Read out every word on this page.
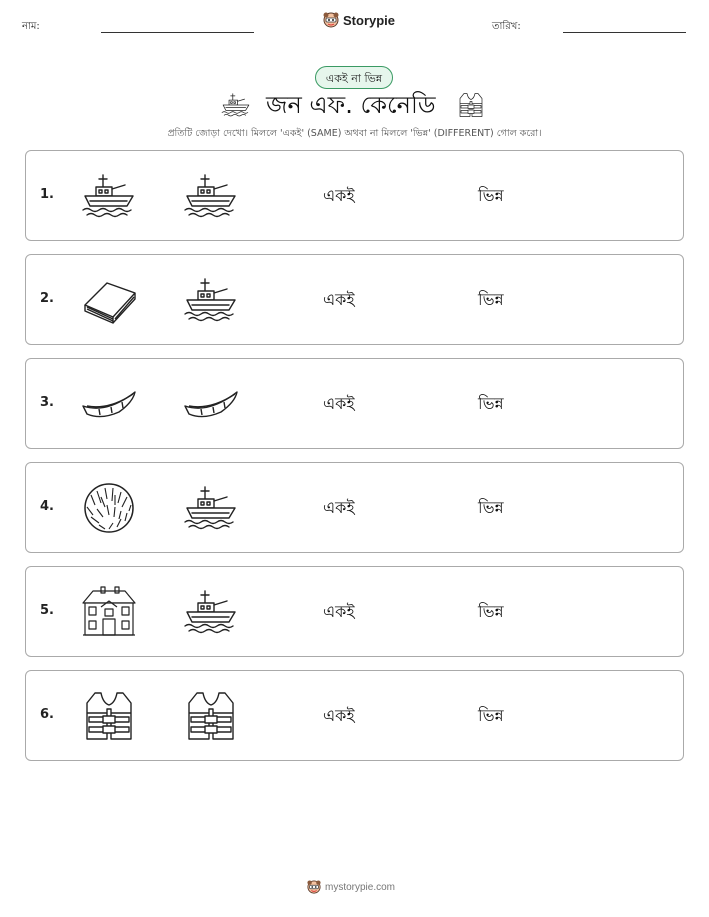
নাম:	Storypie	তারিখ:
একই না ভিন্ন
জন এফ. কেনেডি
প্রতিটি জোড়া দেখো। মিললে 'একই' (SAME) অথবা না মিললে 'ভিন্ন' (DIFFERENT) গোল করো।
1.	একই	ভিন্ন
2.	একই	ভিন্ন
3.	একই	ভিন্ন
4.	একই	ভিন্ন
5.	একই	ভিন্ন
6.	একই	ভিন্ন
mystorypie.com
